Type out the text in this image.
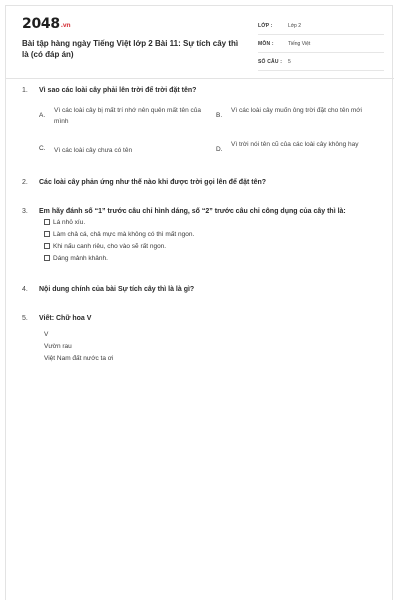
2048.vn
Bài tập hàng ngày Tiếng Việt lớp 2 Bài 11: Sự tích cây thì là (có đáp án)
LỚP :	Lớp 2
MÔN :	Tiếng Việt
SỐ CÂU : 5
1. Vì sao các loài cây phải lên trời để trời đặt tên?
A.
Vì các loài cây bị mất trí nhớ nên quên mất tên của mình
B.
Vì các loài cây muốn ông trời đặt cho tên mới
C. Vì các loài cây chưa có tên	D.
Vì trời nói tên cũ của các loài cây không hay
2. Các loài cây phản ứng như thế nào khi được trời gọi lên để đặt tên?
3. Em hãy đánh số “1” trước câu chỉ hình dáng, số “2” trước câu chỉ công dụng của cây thì là:
Lá nhỏ xíu.
Làm chả cá, chả mực mà không có thì mất ngon.
Khi nấu canh riêu, cho vào sẽ rất ngon.
Dáng mảnh khảnh.
4. Nội dung chính của bài Sự tích cây thì là là gì?
5. Viết: Chữ hoa V
V
Vườn rau
Việt Nam đất nước ta ơi
